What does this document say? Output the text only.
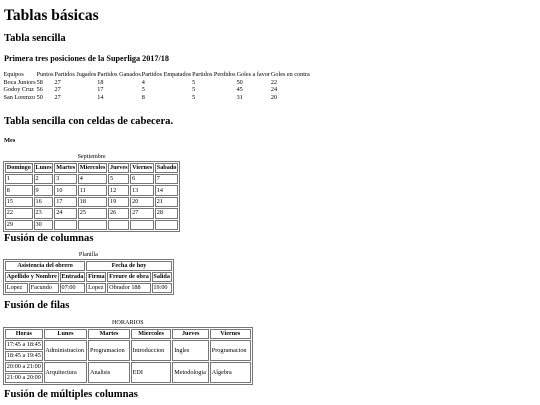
Tablas básicas
Tabla sencilla
Primera tres posiciones de la Superliga 2017/18
Equipos	Puntos	Partidos Jugados	Partidos Ganados	Partidos Empatados	Partidos Perdidos	Goles a favor	Goles en contra
Boca Juniors	58	27	18	4	5	50	22
Godoy Cruz	56	27	17	5	5	45	24
San Lorenzo	50	27	14	8	5	31	20
Tabla sencilla con celdas de cabecera.
Mes
Septiembre
Domingo	Lunes	Martes	Miercoles	Jueves	Viernes	Sabado
1	2	3	4	5	6	7
8	9	10	11	12	13	14
15	16	17	18	19	20	21
22	23	24	25	26	27	28
29	30					
Fusión de columnas
Planilla
Asistencia del obrero			Fecha de hoy		
Apellido y Nombre		Entrada	Firma	Freure de obra	Salida
Lopez	Facundo	07:00	Lopez	Obrador 188	19:00
Fusión de filas
HORARIOS
Horas	Lunes	Martes	Miercoles	Jueves	Viernes
17:45 a 18:45	Administracion	Programacion	Introduccion	Ingles	Programacion
18:45 a 19:45					
20:00 a 21:00	Arquitectura	Analisis	EDI	Metodologia	Algebra
21:00 a 20:00					
Fusión de múltiples columnas
